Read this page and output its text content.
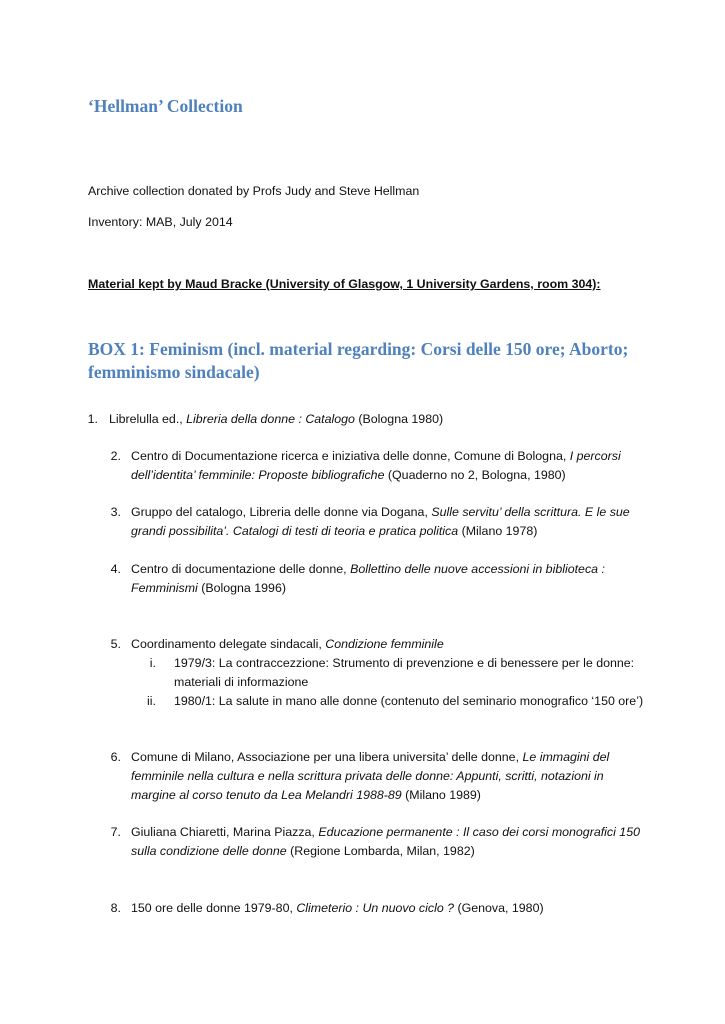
‘Hellman’ Collection

Archive collection donated by Profs Judy and Steve Hellman

Inventory: MAB, July 2014

Material kept by Maud Bracke (University of Glasgow, 1 University Gardens, room 304):

BOX 1: Feminism (incl. material regarding: Corsi delle 150 ore; Aborto; femminismo sindacale)
1. Librelulla ed., Libreria della donne : Catalogo (Bologna 1980)
2. Centro di Documentazione ricerca e iniziativa delle donne, Comune di Bologna, I percorsi dell’identita’ femminile: Proposte bibliografiche (Quaderno no 2, Bologna, 1980)
3. Gruppo del catalogo, Libreria delle donne via Dogana, Sulle servitu’ della scrittura. E le sue grandi possibilita’. Catalogi di testi di teoria e pratica politica (Milano 1978)
4. Centro di documentazione delle donne, Bollettino delle nuove accessioni in biblioteca : Femminismi (Bologna 1996)
5. Coordinamento delegate sindacali, Condizione femminile
i. 1979/3: La contraccezzione: Strumento di prevenzione e di benessere per le donne: materiali di informazione
ii. 1980/1: La salute in mano alle donne (contenuto del seminario monografico ‘150 ore’)
6. Comune di Milano, Associazione per una libera universita’ delle donne, Le immagini del femminile nella cultura e nella scrittura privata delle donne: Appunti, scritti, notazioni in margine al corso tenuto da Lea Melandri 1988-89 (Milano 1989)
7. Giuliana Chiaretti, Marina Piazza, Educazione permanente : Il caso dei corsi monografici 150 sulla condizione delle donne (Regione Lombarda, Milan, 1982)
8. 150 ore delle donne 1979-80, Climeterio : Un nuovo ciclo ? (Genova, 1980)
